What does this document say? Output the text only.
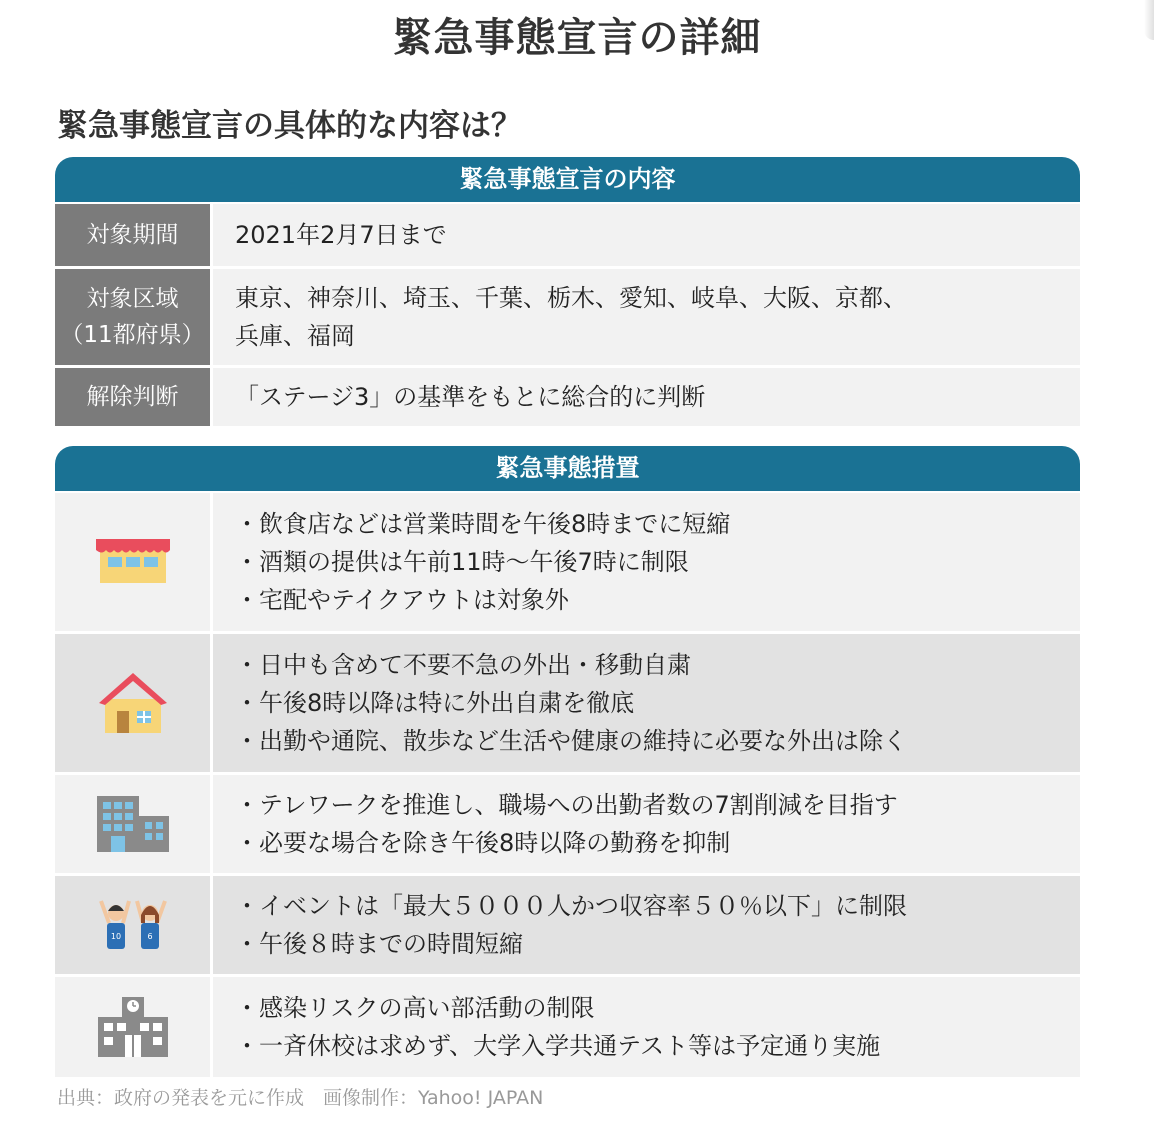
緊急事態宣言の詳細
緊急事態宣言の具体的な内容は？
緊急事態宣言の内容
対象期間 2021年2月7日まで
対象区域
（11都府県）
東京、神奈川、埼玉、千葉、栃木、愛知、岐阜、大阪、京都、
兵庫、福岡
解除判断 「ステージ3」の基準をもとに総合的に判断
緊急事態措置
・飲食店などは営業時間を午後8時までに短縮
・酒類の提供は午前11時〜午後7時に制限
・宅配やテイクアウトは対象外
・日中も含めて不要不急の外出・移動自粛
・午後8時以降は特に外出自粛を徹底
・出勤や通院、散歩など生活や健康の維持に必要な外出は除く
・テレワークを推進し、職場への出勤者数の7割削減を目指す
・必要な場合を除き午後8時以降の勤務を抑制
10	6
・イベントは「最大５０００人かつ収容率５０％以下」に制限
・午後８時までの時間短縮
・感染リスクの高い部活動の制限
・一斉休校は求めず、大学入学共通テスト等は予定通り実施
出典：政府の発表を元に作成　画像制作：Yahoo! JAPAN
